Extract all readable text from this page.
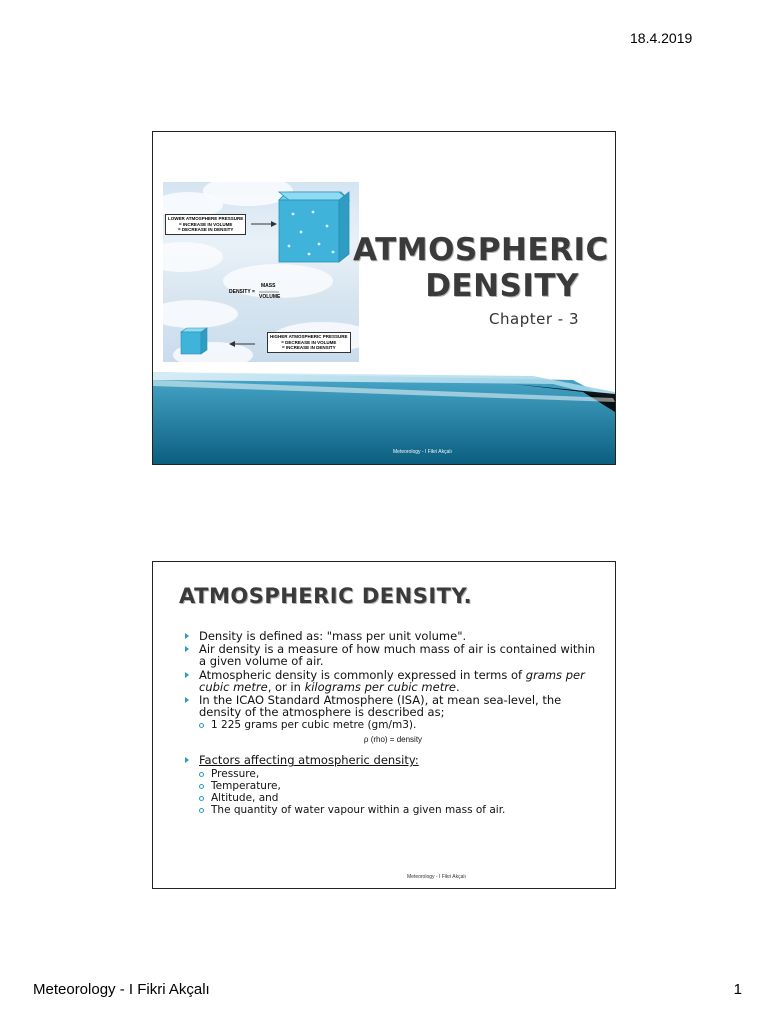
18.4.2019
LOWER ATMOSPHERE PRESSURE
= INCREASE IN VOLUME
= DECREASE IN DENSITY
DENSITY =
MASS
VOLUME
HIGHER ATMOSPHERIC PRESSURE
= DECREASE IN VOLUME
= INCREASE IN DENSITY
ATMOSPHERIC
DENSITY
Chapter - 3
Meteorology - I Fikri Akçalı
ATMOSPHERIC DENSITY.
Density is defined as: "mass per unit volume".
Air density is a measure of how much mass of air is contained within a given volume of air.
Atmospheric density is commonly expressed in terms of grams per cubic metre, or in kilograms per cubic metre.
In the ICAO Standard Atmosphere (ISA), at mean sea-level, the density of the atmosphere is described as;
1 225 grams per cubic metre (gm/m3).
ρ (rho) = density
Factors affecting atmospheric density:
Pressure,
Temperature,
Altitude, and
The quantity of water vapour within a given mass of air.
Meteorology - I Fikri Akçalı
Meteorology - I Fikri Akçalı	1
